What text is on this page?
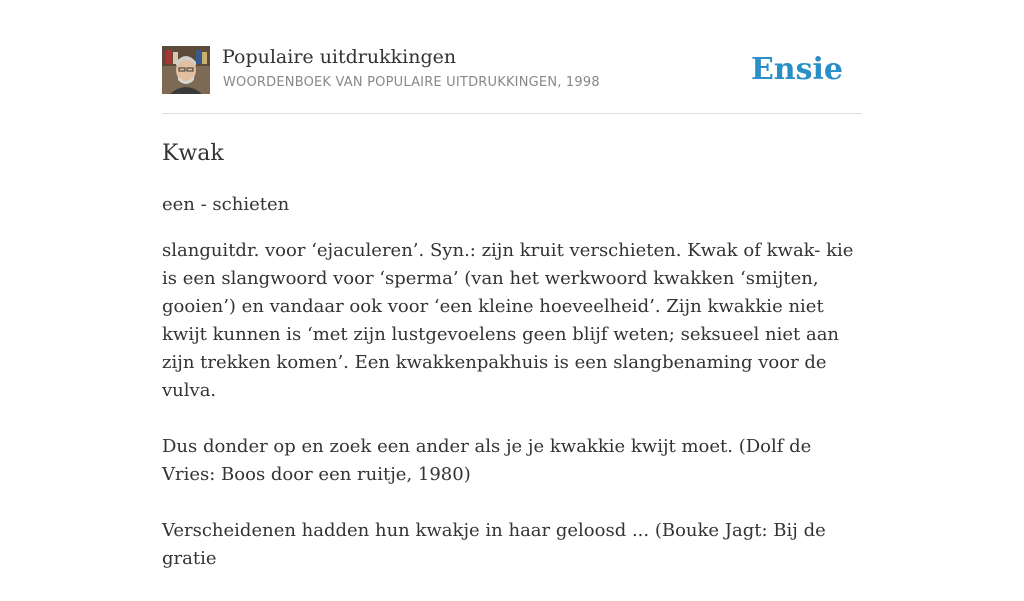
Populaire uitdrukkingen
WOORDENBOEK VAN POPULAIRE UITDRUKKINGEN, 1998	Ensie
Kwak
een - schieten

slanguitdr. voor ‘ejaculeren’. Syn.: zijn kruit verschieten. Kwak of kwak- kie is een slangwoord voor ‘sperma’ (van het werkwoord kwakken ‘smijten, gooien’) en vandaar ook voor ‘een kleine hoeveelheid’. Zijn kwakkie niet kwijt kunnen is ‘met zijn lustgevoelens geen blijf weten; seksueel niet aan zijn trekken komen’. Een kwakkenpakhuis is een slangbenaming voor de vulva.

Dus donder op en zoek een ander als je je kwakkie kwijt moet. (Dolf de Vries: Boos door een ruitje, 1980)

Verscheidenen hadden hun kwakje in haar geloosd ... (Bouke Jagt: Bij de gratie
